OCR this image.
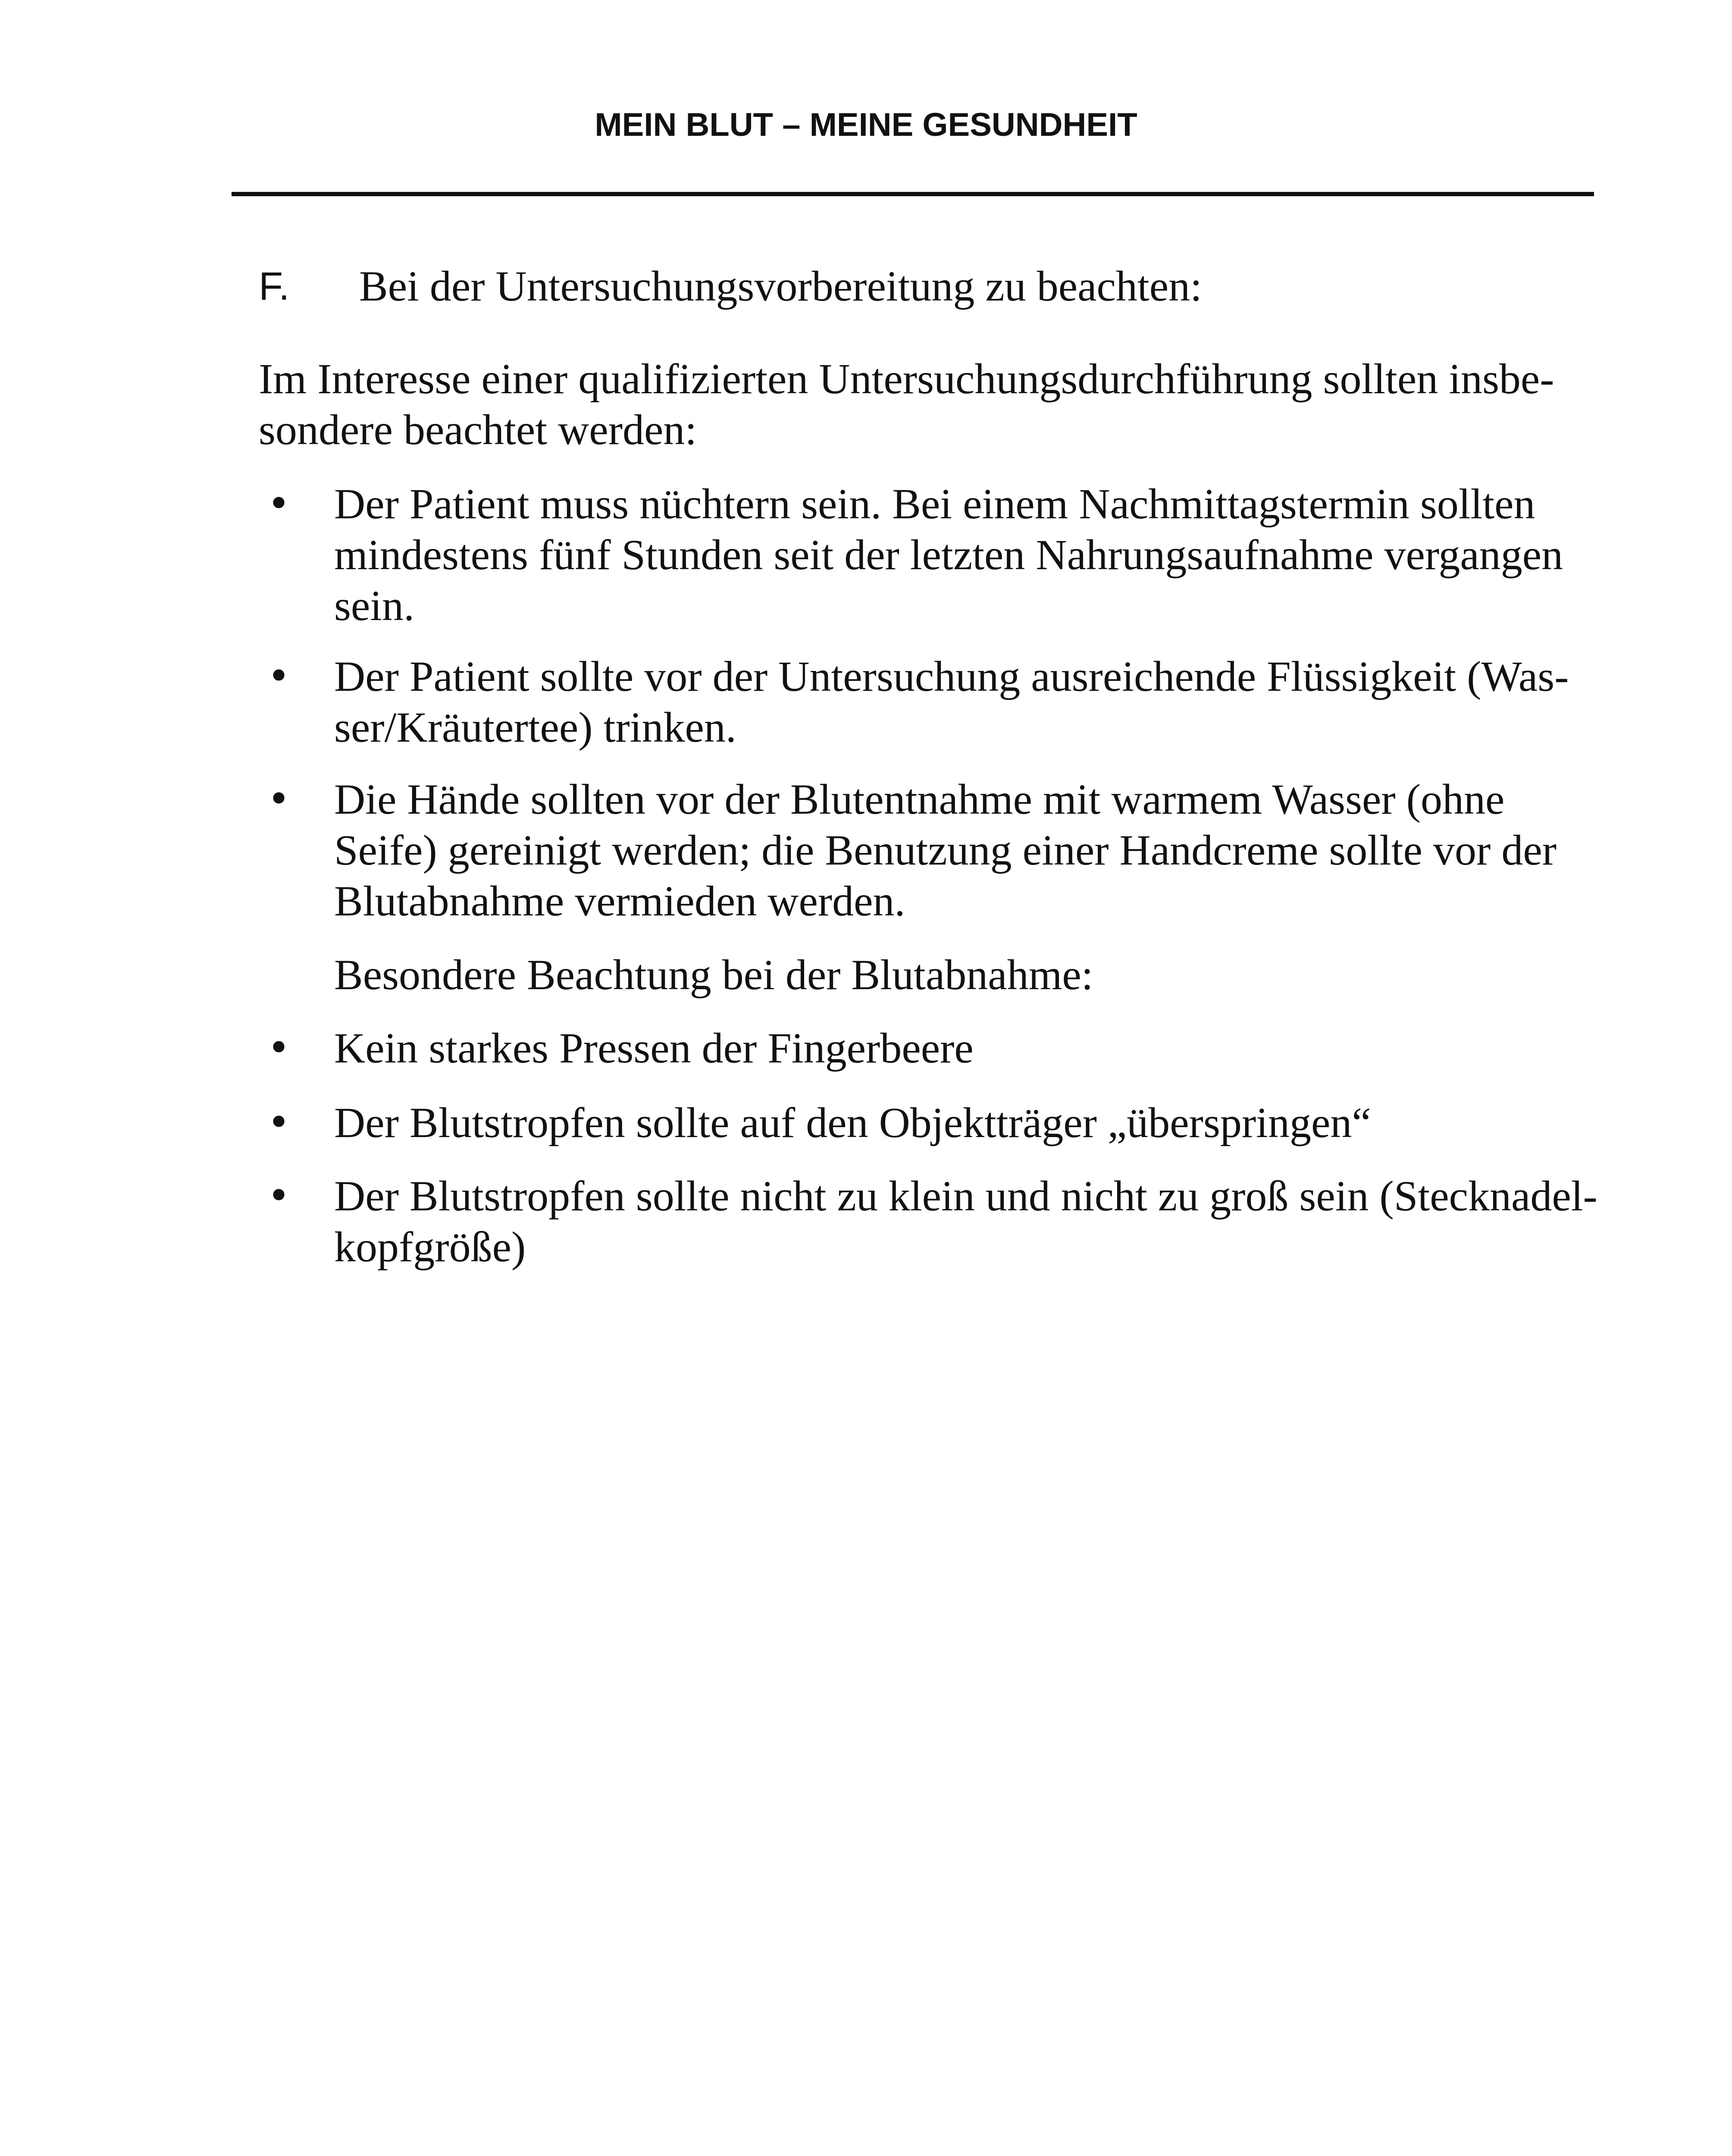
MEIN BLUT – MEINE GESUNDHEIT
F. Bei der Untersuchungsvorbereitung zu beachten:
Im Interesse einer qualifizierten Untersuchungsdurchführung sollten insbe-
sondere beachtet werden:
• Der Patient muss nüchtern sein. Bei einem Nachmittagstermin sollten
mindestens fünf Stunden seit der letzten Nahrungsaufnahme vergangen
sein.
• Der Patient sollte vor der Untersuchung ausreichende Flüssigkeit (Was-
ser/Kräutertee) trinken.
• Die Hände sollten vor der Blutentnahme mit warmem Wasser (ohne
Seife) gereinigt werden; die Benutzung einer Handcreme sollte vor der
Blutabnahme vermieden werden.
Besondere Beachtung bei der Blutabnahme:
• Kein starkes Pressen der Fingerbeere
• Der Blutstropfen sollte auf den Objektträger „überspringen“
• Der Blutstropfen sollte nicht zu klein und nicht zu groß sein (Stecknadel-
kopfgröße)
